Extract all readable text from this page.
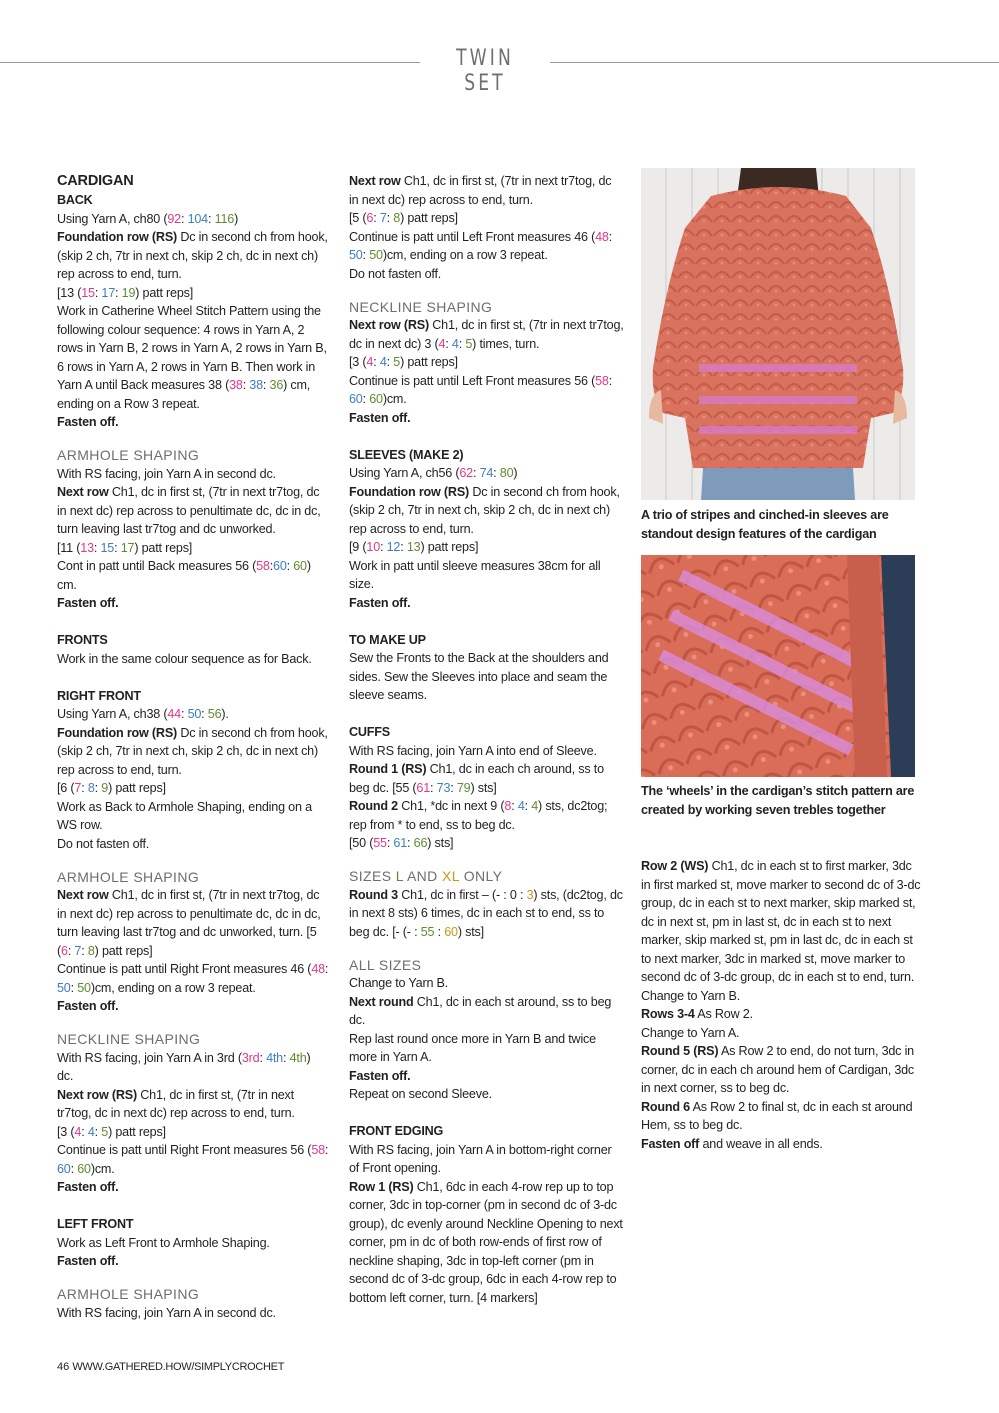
TWIN SET

CARDIGAN

BACK

Using Yarn A, ch80 (92: 104: 116)

Foundation row (RS) Dc in second ch from hook, (skip 2 ch, 7tr in next ch, skip 2 ch, dc in next ch) rep across to end, turn.

[13 (15: 17: 19) patt reps]

Work in Catherine Wheel Stitch Pattern using the following colour sequence: 4 rows in Yarn A, 2 rows in Yarn B, 2 rows in Yarn A, 2 rows in Yarn B, 6 rows in Yarn A, 2 rows in Yarn B. Then work in Yarn A until Back measures 38 (38: 38: 36) cm, ending on a Row 3 repeat.

Fasten off.

ARMHOLE SHAPING

With RS facing, join Yarn A in second dc.

Next row Ch1, dc in first st, (7tr in next tr7tog, dc in next dc) rep across to penultimate dc, dc in dc, turn leaving last tr7tog and dc unworked.

[11 (13: 15: 17) patt reps]

Cont in patt until Back measures 56 (58:60: 60) cm.

Fasten off.

FRONTS

Work in the same colour sequence as for Back.

RIGHT FRONT

Using Yarn A, ch38 (44: 50: 56).

Foundation row (RS) Dc in second ch from hook, (skip 2 ch, 7tr in next ch, skip 2 ch, dc in next ch) rep across to end, turn.

[6 (7: 8: 9) patt reps]

Work as Back to Armhole Shaping, ending on a WS row.

Do not fasten off.

ARMHOLE SHAPING

Next row Ch1, dc in first st, (7tr in next tr7tog, dc in next dc) rep across to penultimate dc, dc in dc, turn leaving last tr7tog and dc unworked, turn. [5 (6: 7: 8) patt reps]

Continue is patt until Right Front measures 46 (48: 50: 50)cm, ending on a row 3 repeat.

Fasten off.

NECKLINE SHAPING

With RS facing, join Yarn A in 3rd (3rd: 4th: 4th) dc.

Next row (RS) Ch1, dc in first st, (7tr in next tr7tog, dc in next dc) rep across to end, turn.

[3 (4: 4: 5) patt reps]

Continue is patt until Right Front measures 56 (58: 60: 60)cm.

Fasten off.

LEFT FRONT

Work as Left Front to Armhole Shaping.

Fasten off.

ARMHOLE SHAPING

With RS facing, join Yarn A in second dc.

Next row Ch1, dc in first st, (7tr in next tr7tog, dc in next dc) rep across to end, turn.

[5 (6: 7: 8) patt reps]

Continue is patt until Left Front measures 46 (48: 50: 50)cm, ending on a row 3 repeat.

Do not fasten off.

NECKLINE SHAPING

Next row (RS) Ch1, dc in first st, (7tr in next tr7tog, dc in next dc) 3 (4: 4: 5) times, turn.

[3 (4: 4: 5) patt reps]

Continue is patt until Left Front measures 56 (58: 60: 60)cm.

Fasten off.

SLEEVES (MAKE 2)

Using Yarn A, ch56 (62: 74: 80)

Foundation row (RS) Dc in second ch from hook, (skip 2 ch, 7tr in next ch, skip 2 ch, dc in next ch) rep across to end, turn.

[9 (10: 12: 13) patt reps]

Work in patt until sleeve measures 38cm for all size.

Fasten off.

TO MAKE UP

Sew the Fronts to the Back at the shoulders and sides. Sew the Sleeves into place and seam the sleeve seams.

CUFFS

With RS facing, join Yarn A into end of Sleeve.

Round 1 (RS) Ch1, dc in each ch around, ss to beg dc. [55 (61: 73: 79) sts]

Round 2 Ch1, *dc in next 9 (8: 4: 4) sts, dc2tog; rep from * to end, ss to beg dc.

[50 (55: 61: 66) sts]

SIZES L AND XL ONLY

Round 3 Ch1, dc in first – (- : 0 : 3) sts, (dc2tog, dc in next 8 sts) 6 times, dc in each st to end, ss to beg dc. [- (- : 55 : 60) sts]

ALL SIZES

Change to Yarn B.

Next round Ch1, dc in each st around, ss to beg dc.

Rep last round once more in Yarn B and twice more in Yarn A.

Fasten off.

Repeat on second Sleeve.

FRONT EDGING

With RS facing, join Yarn A in bottom-right corner of Front opening.

Row 1 (RS) Ch1, 6dc in each 4-row rep up to top corner, 3dc in top-corner (pm in second dc of 3-dc group), dc evenly around Neckline Opening to next corner, pm in dc of both row-ends of first row of neckline shaping, 3dc in top-left corner (pm in second dc of 3-dc group, 6dc in each 4-row rep to bottom left corner, turn. [4 markers]

A trio of stripes and cinched-in sleeves are standout design features of the cardigan
The ‘wheels’ in the cardigan’s stitch pattern are created by working seven trebles together

Row 2 (WS) Ch1, dc in each st to first marker, 3dc in first marked st, move marker to second dc of 3-dc group, dc in each st to next marker, skip marked st, dc in next st, pm in last st, dc in each st to next marker, skip marked st, pm in last dc, dc in each st to next marker, 3dc in marked st, move marker to second dc of 3-dc group, dc in each st to end, turn.

Change to Yarn B.

Rows 3-4 As Row 2.

Change to Yarn A.

Round 5 (RS) As Row 2 to end, do not turn, 3dc in corner, dc in each ch around hem of Cardigan, 3dc in next corner, ss to beg dc.

Round 6 As Row 2 to final st, dc in each st around Hem, ss to beg dc.

Fasten off and weave in all ends.

46 WWW.GATHERED.HOW/SIMPLYCROCHET
